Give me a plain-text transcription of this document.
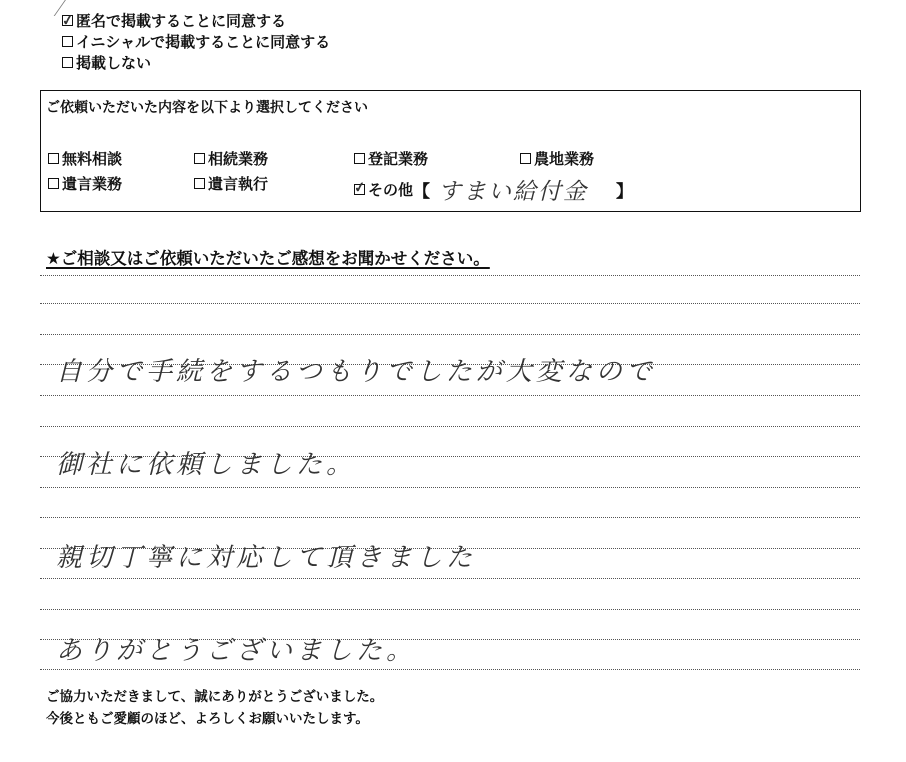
✓ 匿名で掲載することに同意する
イニシャルで掲載することに同意する
掲載しない
ご依頼いただいた内容を以下より選択してください
無料相談	相続業務	登記業務	農地業務
遺言業務	遺言執行	✓ その他 【 すまい給付金 】
★ご相談又はご依頼いただいたご感想をお聞かせください。

自分で手続をするつもりでしたが大変なので

御社に依頼しました。

親切丁寧に対応して頂きました

ありがとうございました。

ご協力いただきまして、誠にありがとうございました。
今後ともご愛顧のほど、よろしくお願いいたします。
